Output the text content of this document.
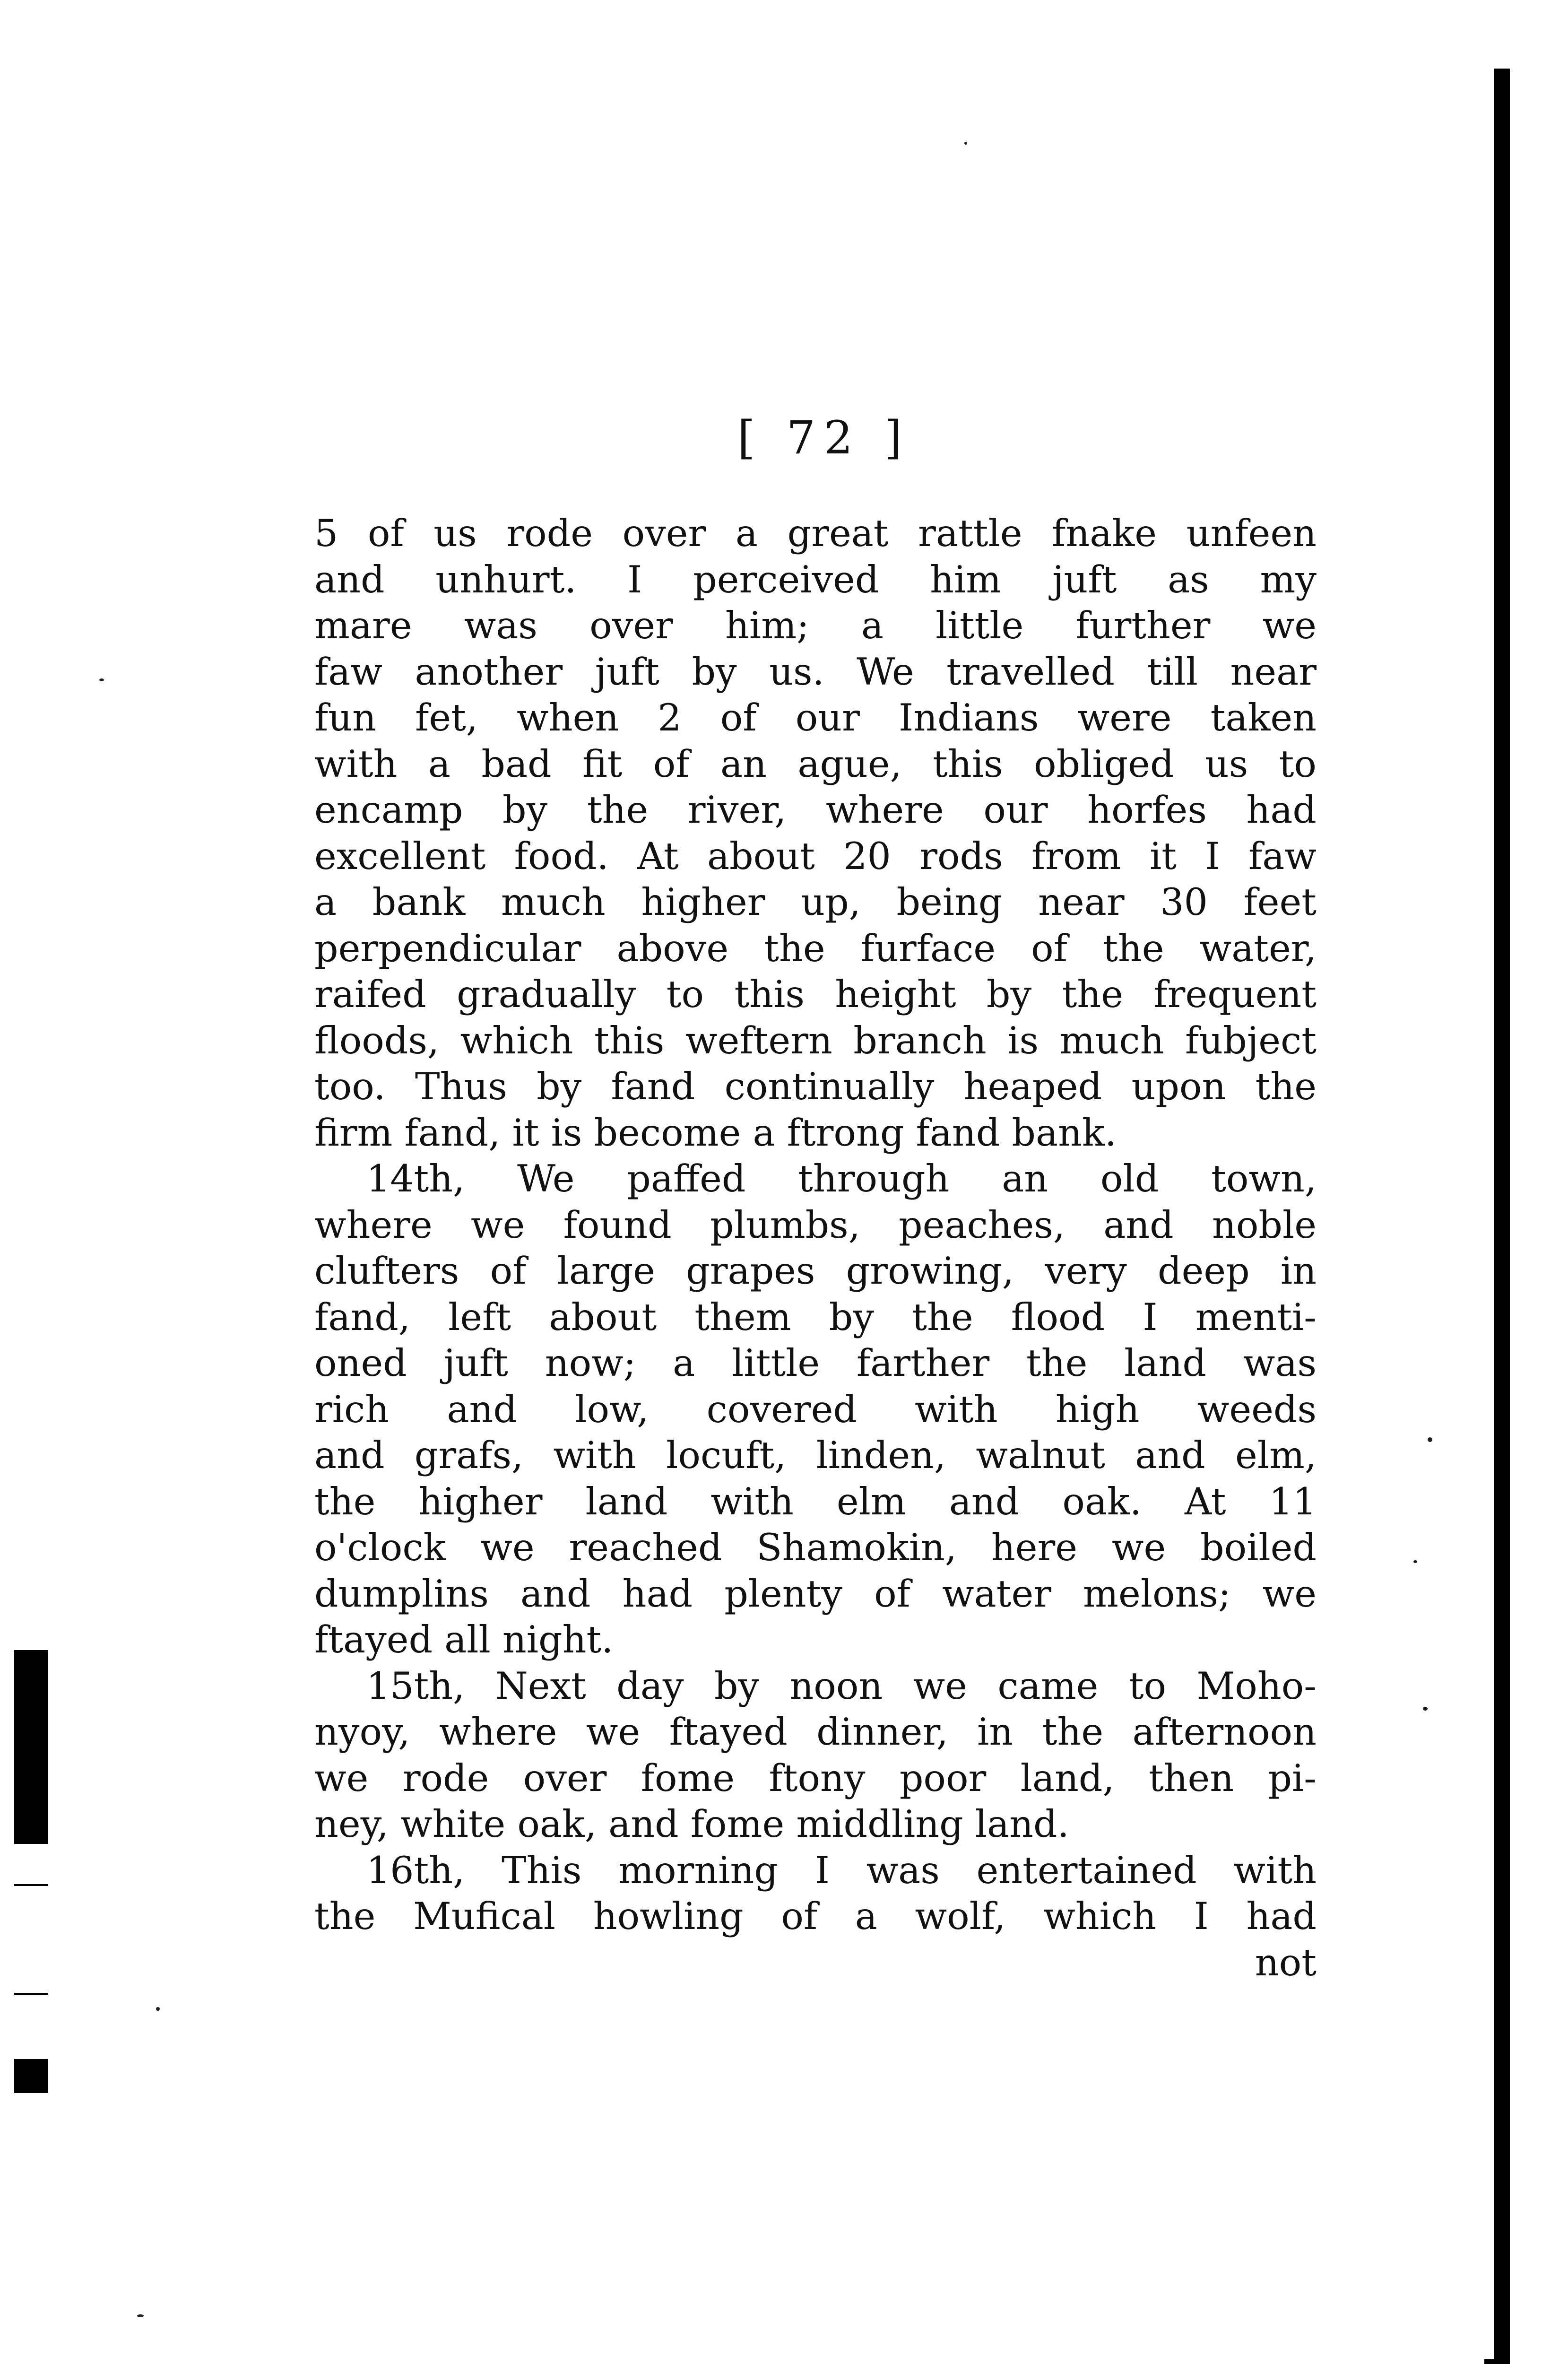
[ 72 ]
5 of us rode over a great rattle fnake unfeen
and unhurt. I perceived him juft as my
mare was over him; a little further we
faw another juft by us. We travelled till near
fun fet, when 2 of our Indians were taken
with a bad fit of an ague, this obliged us to
encamp by the river, where our horfes had
excellent food. At about 20 rods from it I faw
a bank much higher up, being near 30 feet
perpendicular above the furface of the water,
raifed gradually to this height by the frequent
floods, which this weftern branch is much fubject
too. Thus by fand continually heaped upon the
firm fand, it is become a ftrong fand bank.
14th, We paffed through an old town,
where we found plumbs, peaches, and noble
clufters of large grapes growing, very deep in
fand, left about them by the flood I menti-
oned juft now; a little farther the land was
rich and low, covered with high weeds
and grafs, with locuft, linden, walnut and elm,
the higher land with elm and oak. At 11
o'clock we reached Shamokin, here we boiled
dumplins and had plenty of water melons; we
ftayed all night.
15th, Next day by noon we came to Moho-
nyoy, where we ftayed dinner, in the afternoon
we rode over fome ftony poor land, then pi-
ney, white oak, and fome middling land.
16th, This morning I was entertained with
the Mufical howling of a wolf, which I had
not
